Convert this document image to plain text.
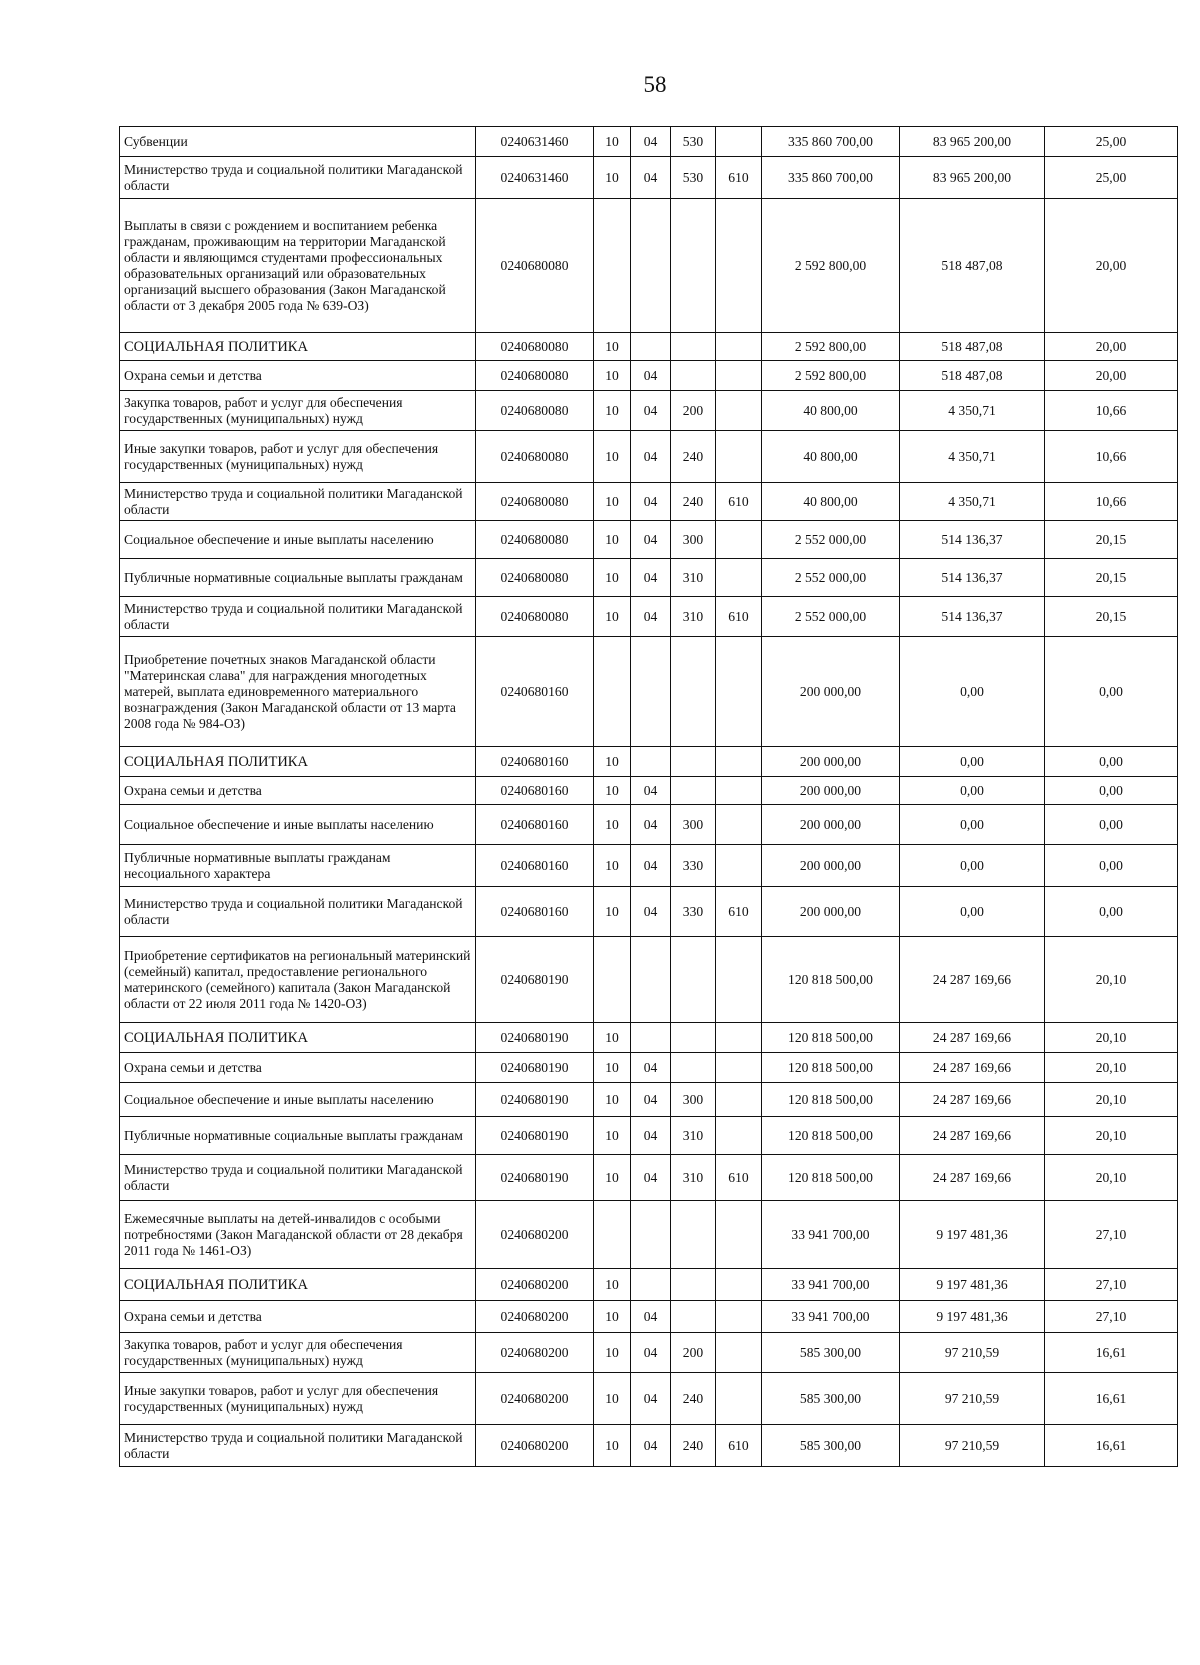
58
Субвенции	0240631460	10	04	530		335 860 700,00	83 965 200,00	25,00
Министерство труда и социальной политики Магаданской области	0240631460	10	04	530	610	335 860 700,00	83 965 200,00	25,00
Выплаты в связи с рождением и воспитанием ребенка гражданам, проживающим на территории Магаданской области и являющимся студентами профессиональных образовательных организаций или образовательных организаций высшего образования (Закон Магаданской области от 3 декабря 2005 года № 639-ОЗ)	0240680080					2 592 800,00	518 487,08	20,00
СОЦИАЛЬНАЯ ПОЛИТИКА	0240680080	10				2 592 800,00	518 487,08	20,00
Охрана семьи и детства	0240680080	10	04			2 592 800,00	518 487,08	20,00
Закупка товаров, работ и услуг для обеспечения государственных (муниципальных) нужд	0240680080	10	04	200		40 800,00	4 350,71	10,66
Иные закупки товаров, работ и услуг для обеспечения государственных (муниципальных) нужд	0240680080	10	04	240		40 800,00	4 350,71	10,66
Министерство труда и социальной политики Магаданской области	0240680080	10	04	240	610	40 800,00	4 350,71	10,66
Социальное обеспечение и иные выплаты населению	0240680080	10	04	300		2 552 000,00	514 136,37	20,15
Публичные нормативные социальные выплаты гражданам	0240680080	10	04	310		2 552 000,00	514 136,37	20,15
Министерство труда и социальной политики Магаданской области	0240680080	10	04	310	610	2 552 000,00	514 136,37	20,15
Приобретение почетных знаков Магаданской области "Материнская слава" для награждения многодетных матерей, выплата единовременного материального вознаграждения (Закон Магаданской области от 13 марта 2008 года № 984-ОЗ)	0240680160					200 000,00	0,00	0,00
СОЦИАЛЬНАЯ ПОЛИТИКА	0240680160	10				200 000,00	0,00	0,00
Охрана семьи и детства	0240680160	10	04			200 000,00	0,00	0,00
Социальное обеспечение и иные выплаты населению	0240680160	10	04	300		200 000,00	0,00	0,00
Публичные нормативные выплаты гражданам несоциального характера	0240680160	10	04	330		200 000,00	0,00	0,00
Министерство труда и социальной политики Магаданской области	0240680160	10	04	330	610	200 000,00	0,00	0,00
Приобретение сертификатов на региональный материнский (семейный) капитал, предоставление регионального материнского (семейного) капитала (Закон Магаданской области от 22 июля 2011 года № 1420-ОЗ)	0240680190					120 818 500,00	24 287 169,66	20,10
СОЦИАЛЬНАЯ ПОЛИТИКА	0240680190	10				120 818 500,00	24 287 169,66	20,10
Охрана семьи и детства	0240680190	10	04			120 818 500,00	24 287 169,66	20,10
Социальное обеспечение и иные выплаты населению	0240680190	10	04	300		120 818 500,00	24 287 169,66	20,10
Публичные нормативные социальные выплаты гражданам	0240680190	10	04	310		120 818 500,00	24 287 169,66	20,10
Министерство труда и социальной политики Магаданской области	0240680190	10	04	310	610	120 818 500,00	24 287 169,66	20,10
Ежемесячные выплаты на детей-инвалидов с особыми потребностями (Закон Магаданской области от 28 декабря 2011 года № 1461-ОЗ)	0240680200					33 941 700,00	9 197 481,36	27,10
СОЦИАЛЬНАЯ ПОЛИТИКА	0240680200	10				33 941 700,00	9 197 481,36	27,10
Охрана семьи и детства	0240680200	10	04			33 941 700,00	9 197 481,36	27,10
Закупка товаров, работ и услуг для обеспечения государственных (муниципальных) нужд	0240680200	10	04	200		585 300,00	97 210,59	16,61
Иные закупки товаров, работ и услуг для обеспечения государственных (муниципальных) нужд	0240680200	10	04	240		585 300,00	97 210,59	16,61
Министерство труда и социальной политики Магаданской области	0240680200	10	04	240	610	585 300,00	97 210,59	16,61
